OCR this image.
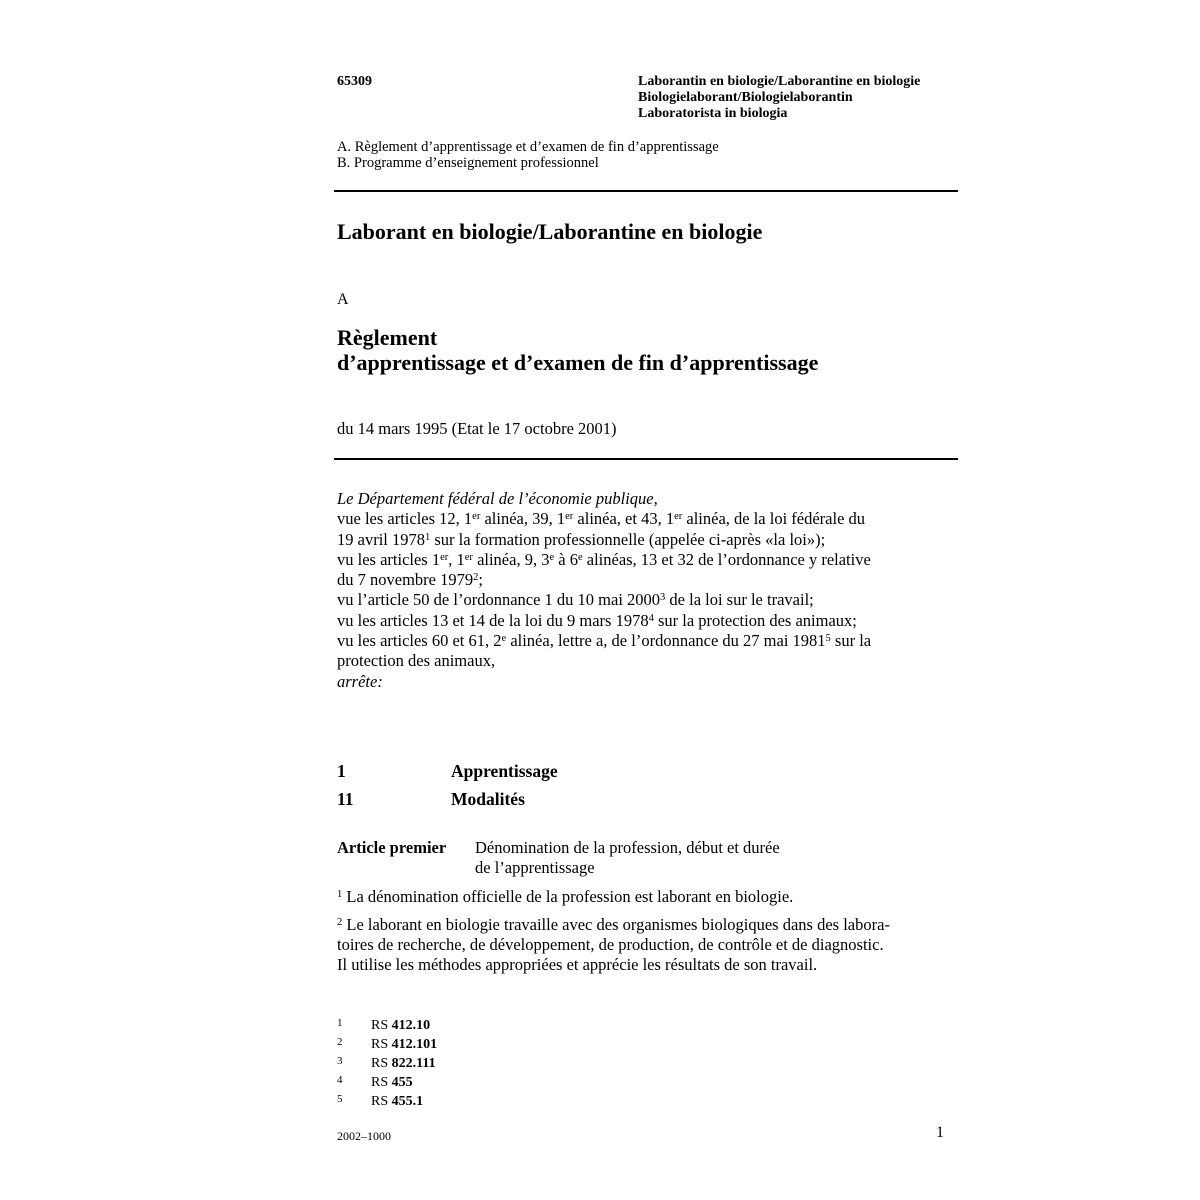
65309	Laborantin en biologie/Laborantine en biologie
Biologielaborant/Biologielaborantin
Laboratorista in biologia
A. Règlement d’apprentissage et d’examen de fin d’apprentissage
B. Programme d’enseignement professionnel
Laborant en biologie/Laborantine en biologie
A
Règlement
d’apprentissage et d’examen de fin d’apprentissage
du 14 mars 1995 (Etat le 17 octobre 2001)
Le Département fédéral de l’économie publique,
vue les articles 12, 1er alinéa, 39, 1er alinéa, et 43, 1er alinéa, de la loi fédérale du
19 avril 1978$^1$ sur la formation professionnelle (appelée ci-après «la loi»);
vu les articles 1er, 1er alinéa, 9, 3e à 6e alinéas, 13 et 32 de l’ordonnance y relative
du 7 novembre 1979$^2$;
vu l’article 50 de l’ordonnance 1 du 10 mai 2000$^3$ de la loi sur le travail;
vu les articles 13 et 14 de la loi du 9 mars 1978$^4$ sur la protection des animaux;
vu les articles 60 et 61, 2e alinéa, lettre a, de l’ordonnance du 27 mai 1981$^5$ sur la
protection des animaux,
arrête:
1	Apprentissage
11	Modalités
Article premier Dénomination de la profession, début et durée
de l’apprentissage
$^1$ La dénomination officielle de la profession est laborant en biologie.
$^2$ Le laborant en biologie travaille avec des organismes biologiques dans des labora-
toires de recherche, de développement, de production, de contrôle et de diagnostic.
Il utilise les méthodes appropriées et apprécie les résultats de son travail.
1 RS 412.10
2 RS 412.101
3 RS 822.111
4 RS 455
5 RS 455.1
2002–1000	1
